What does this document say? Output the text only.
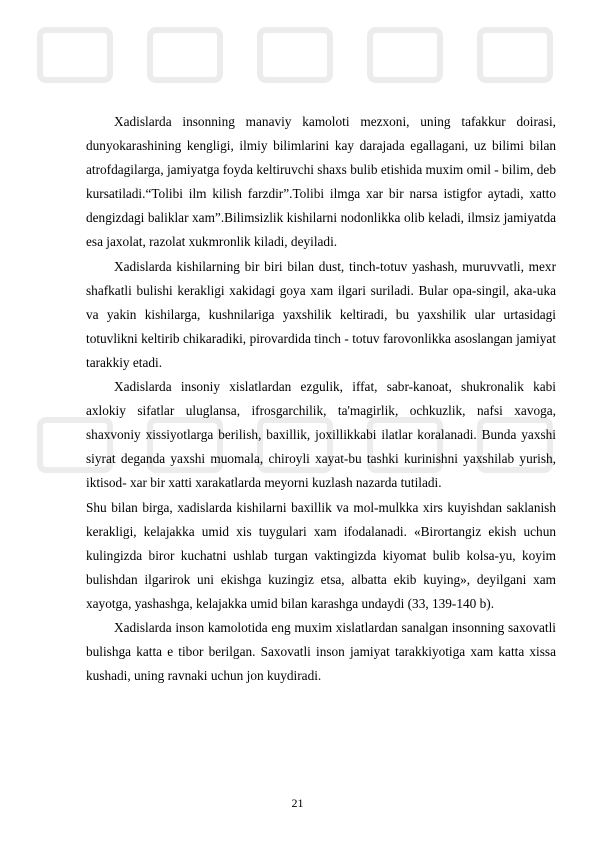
Xadislarda insonning manaviy kamoloti mezxoni, uning tafakkur doirasi, dunyokarashining kengligi, ilmiy bilimlarini kay darajada egallagani, uz bilimi bilan atrofdagilarga, jamiyatga foyda keltiruvchi shaxs bulib etishida muxim omil - bilim, deb kursatiladi.“Tolibi ilm kilish farzdir”.Tolibi ilmga xar bir narsa istigfor aytadi, xatto dengizdagi baliklar xam”.Bilimsizlik kishilarni nodonlikka olib keladi, ilmsiz jamiyatda esa jaxolat, razolat xukmronlik kiladi, deyiladi.

Xadislarda kishilarning bir biri bilan dust, tinch-totuv yashash, muruvvatli, mexr shafkatli bulishi kerakligi xakidagi goya xam ilgari suriladi. Bular opa-singil, aka-uka va yakin kishilarga, kushnilariga yaxshilik keltiradi, bu yaxshilik ular urtasidagi totuvlikni keltirib chikaradiki, pirovardida tinch - totuv farovonlikka asoslangan jamiyat tarakkiy etadi.

Xadislarda insoniy xislatlardan ezgulik, iffat, sabr-kanoat, shukronalik kabi axlokiy sifatlar uluglansa, ifrosgarchilik, ta'magirlik, ochkuzlik, nafsi xavoga, shaxvoniy xissiyotlarga berilish, baxillik, joxillikkabi ilatlar koralanadi. Bunda yaxshi siyrat deganda yaxshi muomala, chiroyli xayat-bu tashki kurinishni yaxshilab yurish, iktisod- xar bir xatti xarakatlarda meyorni kuzlash nazarda tutiladi.

Shu bilan birga, xadislarda kishilarni baxillik va mol-mulkka xirs kuyishdan saklanish kerakligi, kelajakka umid xis tuygulari xam ifodalanadi. «Birortangiz ekish uchun kulingizda biror kuchatni ushlab turgan vaktingizda kiyomat bulib kolsa-yu, koyim bulishdan ilgarirok uni ekishga kuzingiz etsa, albatta ekib kuying», deyilgani xam xayotga, yashashga, kelajakka umid bilan karashga undaydi (33, 139-140 b).

Xadislarda inson kamolotida eng muxim xislatlardan sanalgan insonning saxovatli bulishga katta e tibor berilgan. Saxovatli inson jamiyat tarakkiyotiga xam katta xissa kushadi, uning ravnaki uchun jon kuydiradi.

21
